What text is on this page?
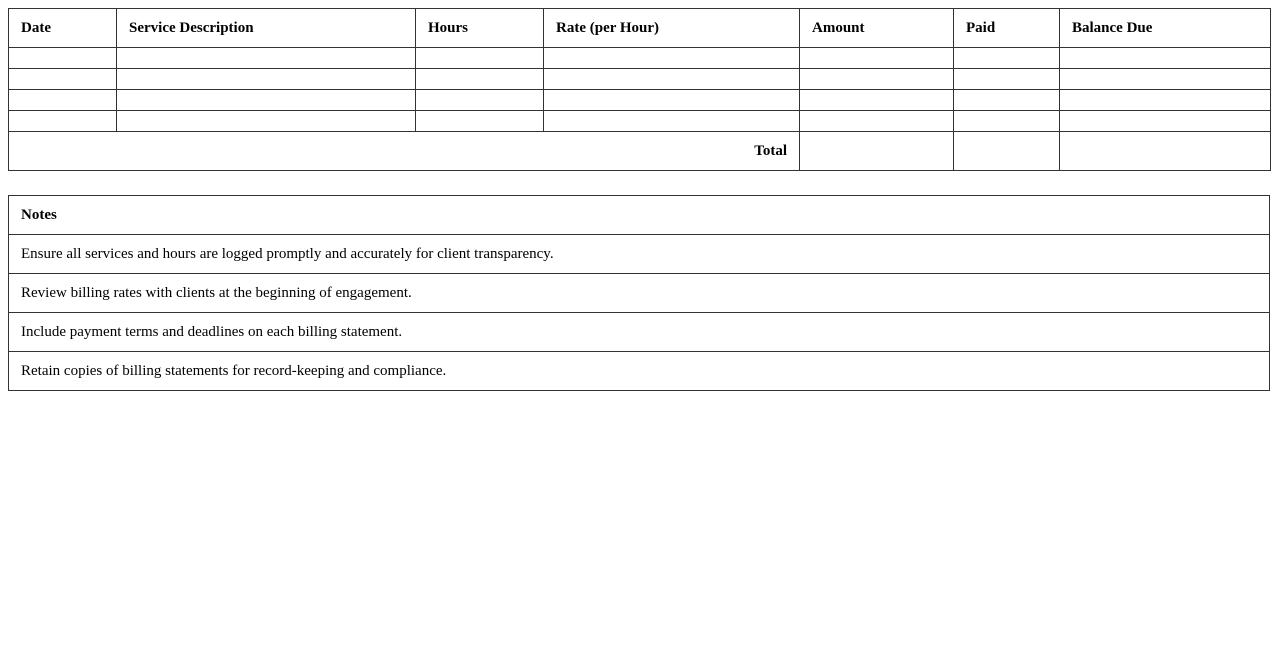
Date	Service Description	Hours	Rate (per Hour)	Amount	Paid	Balance Due

Total						
Notes
Ensure all services and hours are logged promptly and accurately for client transparency.
Review billing rates with clients at the beginning of engagement.
Include payment terms and deadlines on each billing statement.
Retain copies of billing statements for record-keeping and compliance.
